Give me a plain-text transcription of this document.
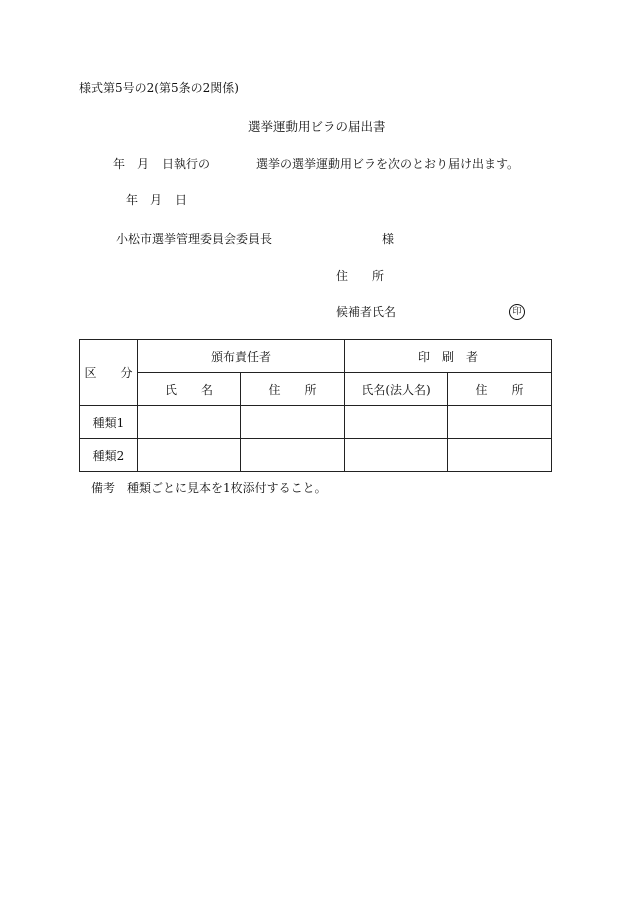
様式第5号の2(第5条の2関係)
選挙運動用ビラの届出書
年 月 日執行の	選挙の選挙運動用ビラを次のとおり届け出ます。
年 月 日
小松市選挙管理委員会委員長	様
住　　所
候補者氏名	印
区　　分	頒布責任者		印　刷　者	
	氏　　名	住　　所	氏名(法人名)	住　　所
種類1				
種類2				
備考　種類ごとに見本を1枚添付すること。
